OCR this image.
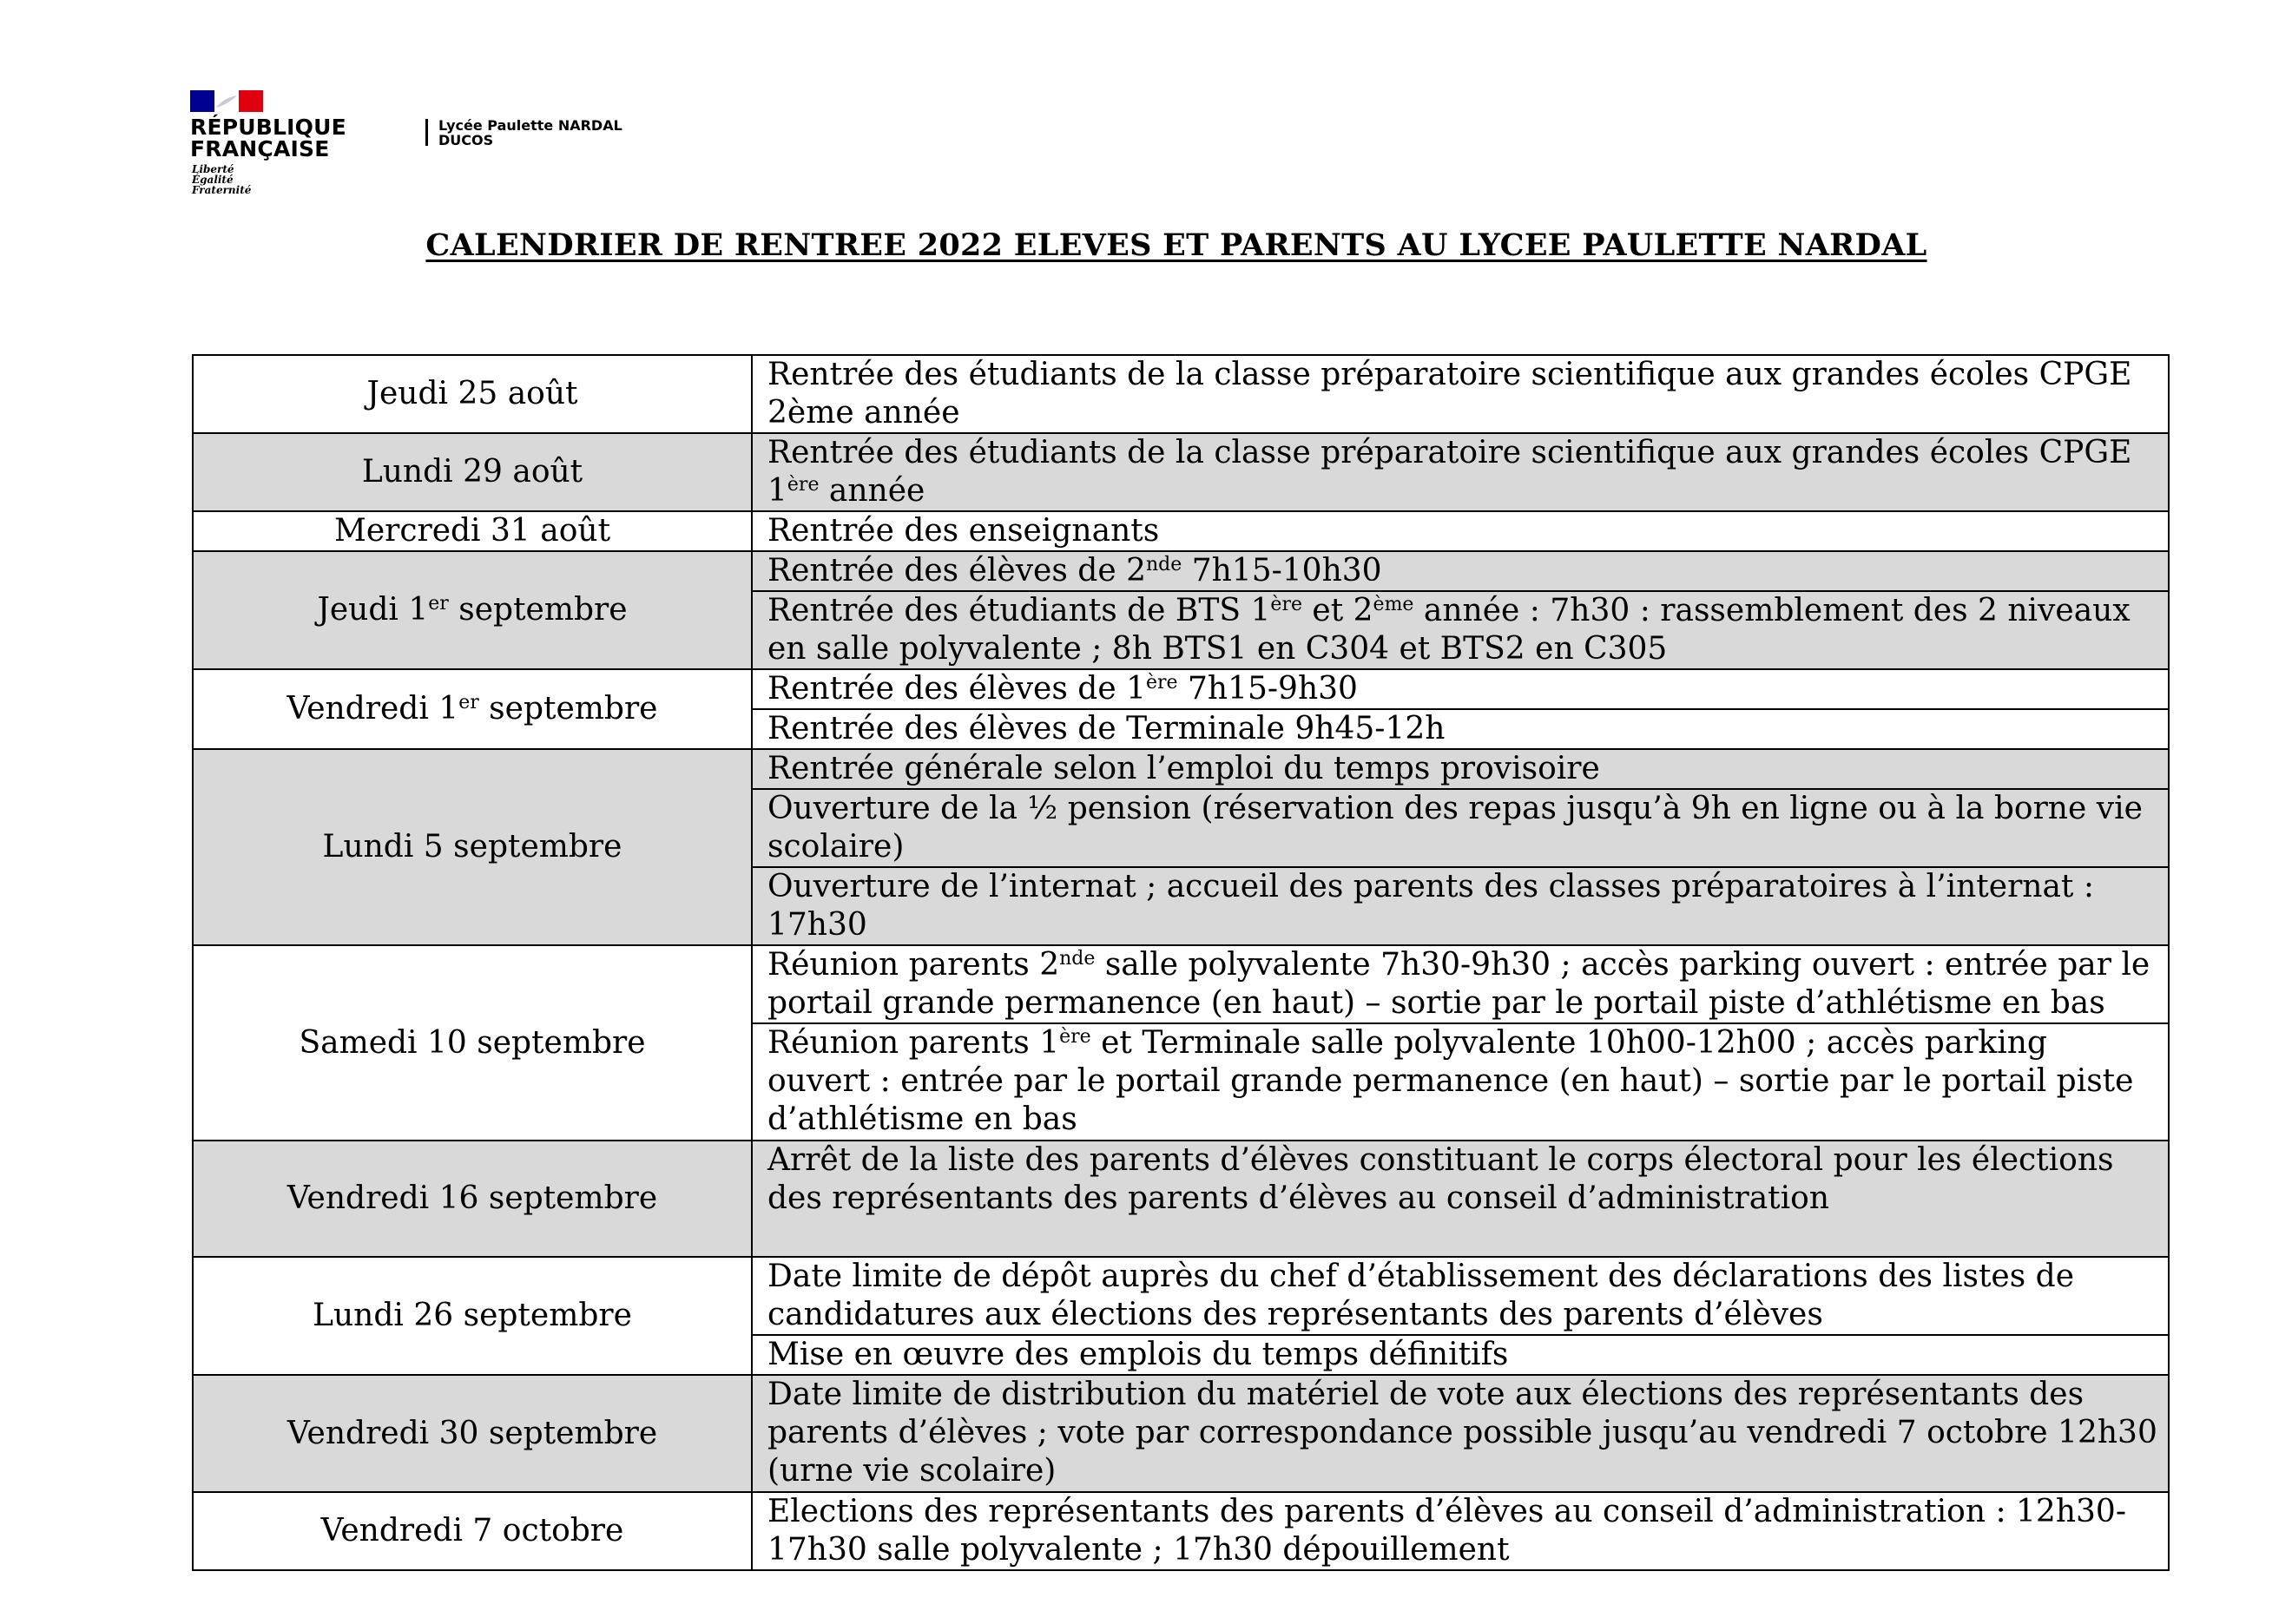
RÉPUBLIQUE
FRANÇAISE
Liberté
Égalité
Fraternité
Lycée Paulette NARDAL
DUCOS
CALENDRIER DE RENTREE 2022 ELEVES ET PARENTS AU LYCEE PAULETTE NARDAL
Jeudi 25 août	Rentrée des étudiants de la classe préparatoire scientifique aux grandes écoles CPGE 2ème année
Lundi 29 août	Rentrée des étudiants de la classe préparatoire scientifique aux grandes écoles CPGE 1ère année
Mercredi 31 août	Rentrée des enseignants
Jeudi 1er septembre	Rentrée des élèves de 2nde 7h15-10h30
	Rentrée des étudiants de BTS 1ère et 2ème année : 7h30 : rassemblement des 2 niveaux en salle polyvalente ; 8h BTS1 en C304 et BTS2 en C305
Vendredi 1er septembre	Rentrée des élèves de 1ère 7h15-9h30
	Rentrée des élèves de Terminale 9h45-12h
Lundi 5 septembre	Rentrée générale selon l’emploi du temps provisoire
	Ouverture de la ½ pension (réservation des repas jusqu’à 9h en ligne ou à la borne vie scolaire)
	Ouverture de l’internat ; accueil des parents des classes préparatoires à l’internat : 17h30
Samedi 10 septembre	Réunion parents 2nde salle polyvalente 7h30-9h30 ; accès parking ouvert : entrée par le portail grande permanence (en haut) – sortie par le portail piste d’athlétisme en bas
	Réunion parents 1ère et Terminale salle polyvalente 10h00-12h00 ; accès parking ouvert : entrée par le portail grande permanence (en haut) – sortie par le portail piste d’athlétisme en bas
Vendredi 16 septembre	Arrêt de la liste des parents d’élèves constituant le corps électoral pour les élections des représentants des parents d’élèves au conseil d’administration
Lundi 26 septembre	Date limite de dépôt auprès du chef d’établissement des déclarations des listes de candidatures aux élections des représentants des parents d’élèves
	Mise en œuvre des emplois du temps définitifs
Vendredi 30 septembre	Date limite de distribution du matériel de vote aux élections des représentants des parents d’élèves ; vote par correspondance possible jusqu’au vendredi 7 octobre 12h30 (urne vie scolaire)
Vendredi 7 octobre	Elections des représentants des parents d’élèves au conseil d’administration : 12h30-17h30 salle polyvalente ; 17h30 dépouillement
